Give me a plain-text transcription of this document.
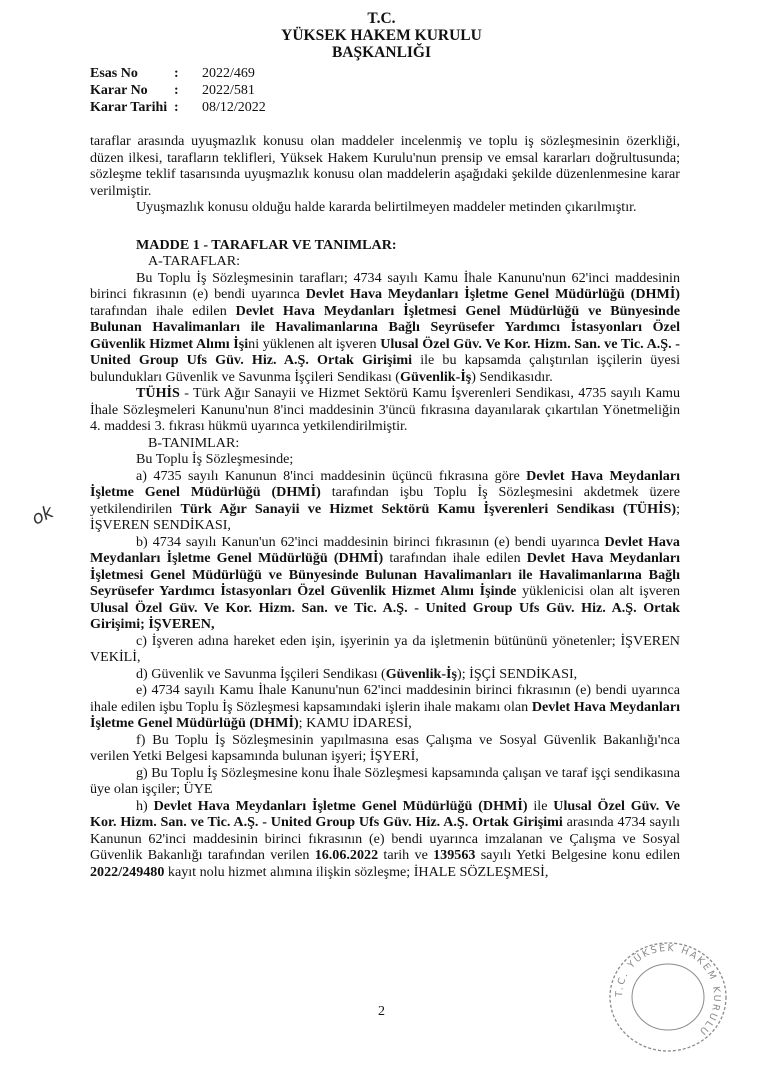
T.C.
YÜKSEK HAKEM KURULU
BAŞKANLIĞI
Esas No	:	2022/469
Karar No	:	2022/581
Karar Tarihi :	08/12/2022
ok

taraflar arasında uyuşmazlık konusu olan maddeler incelenmiş ve toplu iş sözleşmesinin özerkliği, düzen ilkesi, tarafların teklifleri, Yüksek Hakem Kurulu'nun prensip ve emsal kararları doğrultusunda; sözleşme teklif tasarısında uyuşmazlık konusu olan maddelerin aşağıdaki şekilde düzenlenmesine karar verilmiştir.

Uyuşmazlık konusu olduğu halde kararda belirtilmeyen maddeler metinden çıkarılmıştır.

MADDE 1 - TARAFLAR VE TANIMLAR:

A-TARAFLAR:

Bu Toplu İş Sözleşmesinin tarafları; 4734 sayılı Kamu İhale Kanunu'nun 62'inci maddesinin birinci fıkrasının (e) bendi uyarınca Devlet Hava Meydanları İşletme Genel Müdürlüğü (DHMİ) tarafından ihale edilen Devlet Hava Meydanları İşletmesi Genel Müdürlüğü ve Bünyesinde Bulunan Havalimanları ile Havalimanlarına Bağlı Seyrüsefer Yardımcı İstasyonları Özel Güvenlik Hizmet Alımı İşini yüklenen alt işveren Ulusal Özel Güv. Ve Kor. Hizm. San. ve Tic. A.Ş. - United Group Ufs Güv. Hiz. A.Ş. Ortak Girişimi ile bu kapsamda çalıştırılan işçilerin üyesi bulundukları Güvenlik ve Savunma İşçileri Sendikası (Güvenlik-İş) Sendikasıdır.

TÜHİS - Türk Ağır Sanayii ve Hizmet Sektörü Kamu İşverenleri Sendikası, 4735 sayılı Kamu İhale Sözleşmeleri Kanunu'nun 8'inci maddesinin 3'üncü fıkrasına dayanılarak çıkartılan Yönetmeliğin 4. maddesi 3. fıkrası hükmü uyarınca yetkilendirilmiştir.

B-TANIMLAR:

Bu Toplu İş Sözleşmesinde;

a) 4735 sayılı Kanunun 8'inci maddesinin üçüncü fıkrasına göre Devlet Hava Meydanları İşletme Genel Müdürlüğü (DHMİ) tarafından işbu Toplu İş Sözleşmesini akdetmek üzere yetkilendirilen Türk Ağır Sanayii ve Hizmet Sektörü Kamu İşverenleri Sendikası (TÜHİS); İŞVEREN SENDİKASI,

b) 4734 sayılı Kanun'un 62'inci maddesinin birinci fıkrasının (e) bendi uyarınca Devlet Hava Meydanları İşletme Genel Müdürlüğü (DHMİ) tarafından ihale edilen Devlet Hava Meydanları İşletmesi Genel Müdürlüğü ve Bünyesinde Bulunan Havalimanları ile Havalimanlarına Bağlı Seyrüsefer Yardımcı İstasyonları Özel Güvenlik Hizmet Alımı İşinde yüklenicisi olan alt işveren Ulusal Özel Güv. Ve Kor. Hizm. San. ve Tic. A.Ş. - United Group Ufs Güv. Hiz. A.Ş. Ortak Girişimi; İŞVEREN,

c) İşveren adına hareket eden işin, işyerinin ya da işletmenin bütününü yönetenler; İŞVEREN VEKİLİ,

d) Güvenlik ve Savunma İşçileri Sendikası (Güvenlik-İş); İŞÇİ SENDİKASI,

e) 4734 sayılı Kamu İhale Kanunu'nun 62'inci maddesinin birinci fıkrasının (e) bendi uyarınca ihale edilen işbu Toplu İş Sözleşmesi kapsamındaki işlerin ihale makamı olan Devlet Hava Meydanları İşletme Genel Müdürlüğü (DHMİ); KAMU İDARESİ,

f) Bu Toplu İş Sözleşmesinin yapılmasına esas Çalışma ve Sosyal Güvenlik Bakanlığı'nca verilen Yetki Belgesi kapsamında bulunan işyeri; İŞYERİ,

g) Bu Toplu İş Sözleşmesine konu İhale Sözleşmesi kapsamında çalışan ve taraf işçi sendikasına üye olan işçiler; ÜYE

h) Devlet Hava Meydanları İşletme Genel Müdürlüğü (DHMİ) ile Ulusal Özel Güv. Ve Kor. Hizm. San. ve Tic. A.Ş. - United Group Ufs Güv. Hiz. A.Ş. Ortak Girişimi arasında 4734 sayılı Kanunun 62'inci maddesinin birinci fıkrasının (e) bendi uyarınca imzalanan ve Çalışma ve Sosyal Güvenlik Bakanlığı tarafından verilen 16.06.2022 tarih ve 139563 sayılı Yetki Belgesine konu edilen 2022/249480 kayıt nolu hizmet alımına ilişkin sözleşme; İHALE SÖZLEŞMESİ,

2
T.C. YÜKSEK HAKEM KURULU
